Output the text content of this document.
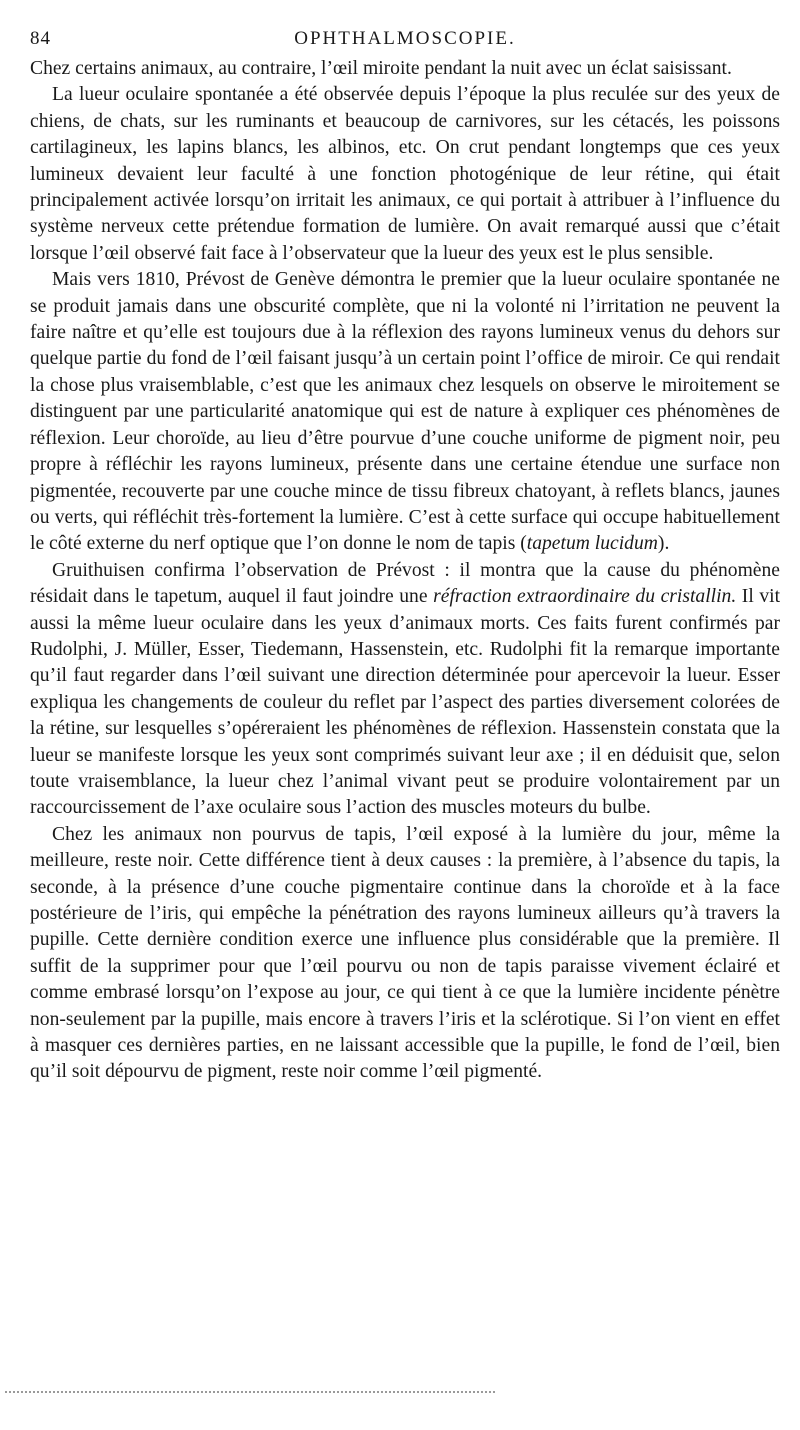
84	OPHTHALMOSCOPIE.

Chez certains animaux, au contraire, l’œil miroite pendant la nuit avec un éclat saisissant.

La lueur oculaire spontanée a été observée depuis l’époque la plus reculée sur des yeux de chiens, de chats, sur les ruminants et beaucoup de carnivores, sur les cétacés, les poissons cartilagineux, les lapins blancs, les albinos, etc. On crut pendant longtemps que ces yeux lumineux devaient leur faculté à une fonction photogénique de leur rétine, qui était principalement activée lorsqu’on irritait les animaux, ce qui portait à attribuer à l’influence du système nerveux cette prétendue formation de lumière. On avait remarqué aussi que c’était lorsque l’œil observé fait face à l’observateur que la lueur des yeux est le plus sensible.

Mais vers 1810, Prévost de Genève démontra le premier que la lueur oculaire spontanée ne se produit jamais dans une obscurité complète, que ni la volonté ni l’irritation ne peuvent la faire naître et qu’elle est toujours due à la réflexion des rayons lumineux venus du dehors sur quelque partie du fond de l’œil faisant jusqu’à un certain point l’office de miroir. Ce qui rendait la chose plus vraisemblable, c’est que les animaux chez lesquels on observe le miroitement se distinguent par une particularité anatomique qui est de nature à expliquer ces phénomènes de réflexion. Leur choroïde, au lieu d’être pourvue d’une couche uniforme de pigment noir, peu propre à réfléchir les rayons lumineux, présente dans une certaine étendue une surface non pigmentée, recouverte par une couche mince de tissu fibreux chatoyant, à reflets blancs, jaunes ou verts, qui réfléchit très-fortement la lumière. C’est à cette surface qui occupe habituellement le côté externe du nerf optique que l’on donne le nom de tapis (tapetum lucidum).

Gruithuisen confirma l’observation de Prévost : il montra que la cause du phénomène résidait dans le tapetum, auquel il faut joindre une réfraction extraordinaire du cristallin. Il vit aussi la même lueur oculaire dans les yeux d’animaux morts. Ces faits furent confirmés par Rudolphi, J. Müller, Esser, Tiedemann, Hassenstein, etc. Rudolphi fit la remarque importante qu’il faut regarder dans l’œil suivant une direction déterminée pour apercevoir la lueur. Esser expliqua les changements de couleur du reflet par l’aspect des parties diversement colorées de la rétine, sur lesquelles s’opéreraient les phénomènes de réflexion. Hassenstein constata que la lueur se manifeste lorsque les yeux sont comprimés suivant leur axe ; il en déduisit que, selon toute vraisemblance, la lueur chez l’animal vivant peut se produire volontairement par un raccourcissement de l’axe oculaire sous l’action des muscles moteurs du bulbe.

Chez les animaux non pourvus de tapis, l’œil exposé à la lumière du jour, même la meilleure, reste noir. Cette différence tient à deux causes : la première, à l’absence du tapis, la seconde, à la présence d’une couche pigmentaire continue dans la choroïde et à la face postérieure de l’iris, qui empêche la pénétration des rayons lumineux ailleurs qu’à travers la pupille. Cette dernière condition exerce une influence plus considérable que la première. Il suffit de la supprimer pour que l’œil pourvu ou non de tapis paraisse vivement éclairé et comme embrasé lorsqu’on l’expose au jour, ce qui tient à ce que la lumière incidente pénètre non-seulement par la pupille, mais encore à travers l’iris et la sclérotique. Si l’on vient en effet à masquer ces dernières parties, en ne laissant accessible que la pupille, le fond de l’œil, bien qu’il soit dépourvu de pigment, reste noir comme l’œil pigmenté.
